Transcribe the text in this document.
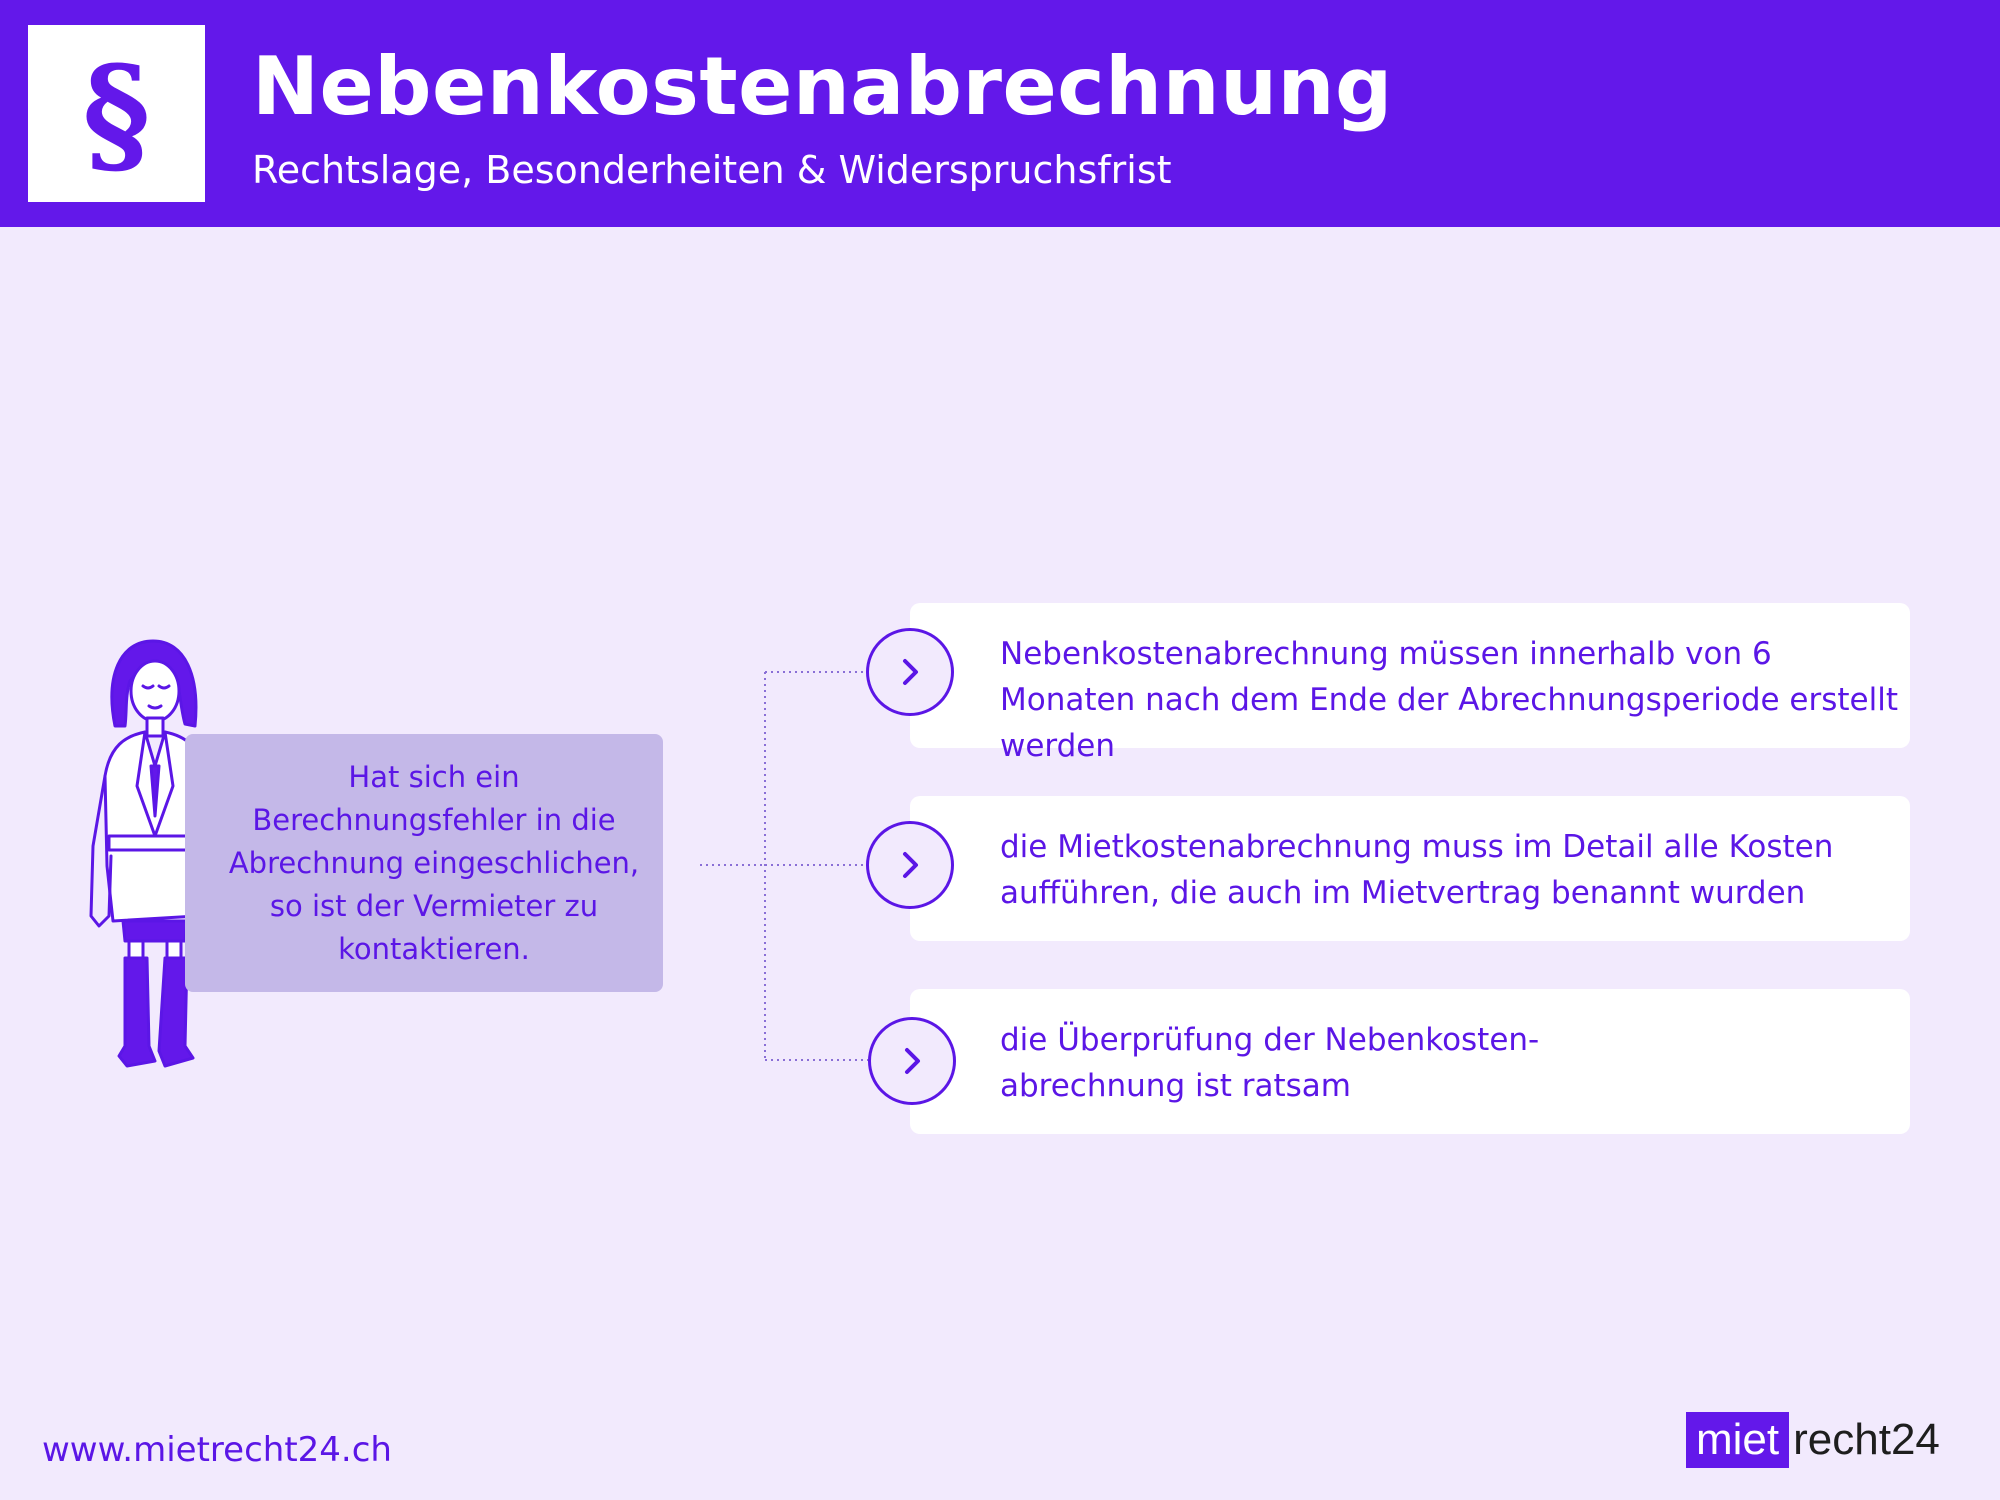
§ Nebenkostenabrechnung
Rechtslage, Besonderheiten & Widerspruchsfrist
Hat sich ein Berechnungsfehler in die Abrechnung eingeschlichen, so ist der Vermieter zu kontaktieren.
Nebenkostenabrechnung müssen innerhalb von 6 Monaten nach dem Ende der Abrechnungsperiode erstellt werden
die Mietkostenabrechnung muss im Detail alle Kosten aufführen, die auch im Mietvertrag benannt wurden
die Überprüfung der Nebenkosten-abrechnung ist ratsam
www.mietrecht24.ch	miet recht24
